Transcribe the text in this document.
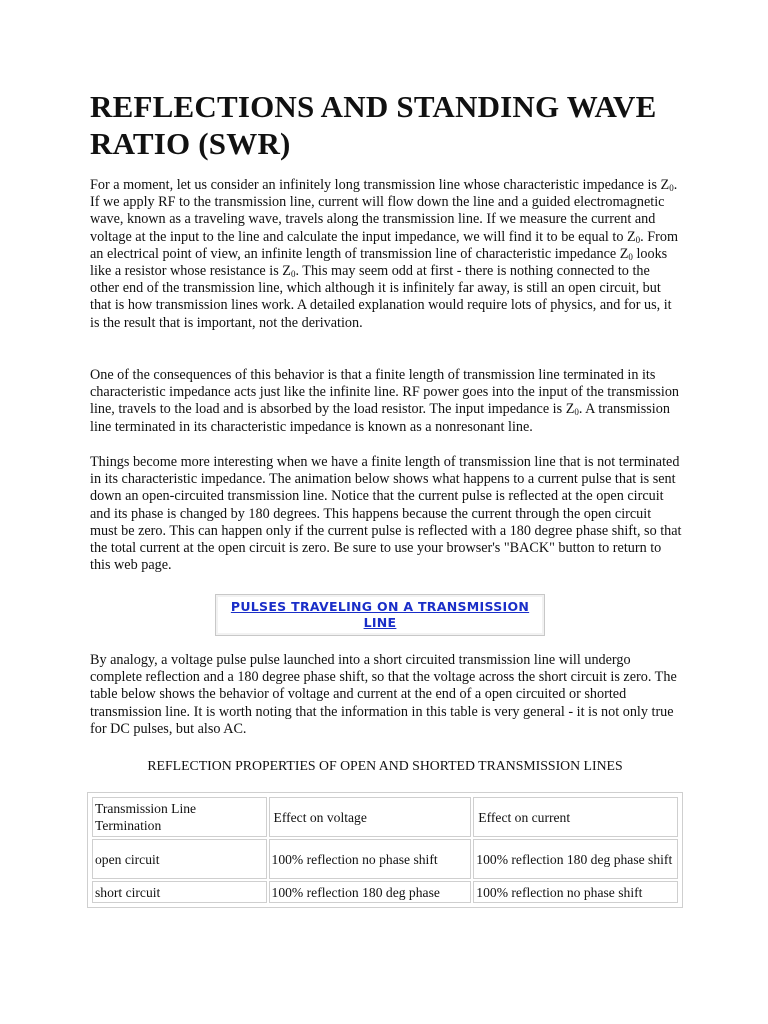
REFLECTIONS AND STANDING WAVE RATIO (SWR)

For a moment, let us consider an infinitely long transmission line whose characteristic impedance is $Z_0$. If we apply RF to the transmission line, current will flow down the line and a guided electromagnetic wave, known as a traveling wave, travels along the transmission line. If we measure the current and voltage at the input to the line and calculate the input impedance, we will find it to be equal to $Z_0$. From an electrical point of view, an infinite length of transmission line of characteristic impedance $Z_0$ looks like a resistor whose resistance is $Z_0$. This may seem odd at first - there is nothing connected to the other end of the transmission line, which although it is infinitely far away, is still an open circuit, but that is how transmission lines work. A detailed explanation would require lots of physics, and for us, it is the result that is important, not the derivation.

One of the consequences of this behavior is that a finite length of transmission line terminated in its characteristic impedance acts just like the infinite line. RF power goes into the input of the transmission line, travels to the load and is absorbed by the load resistor. The input impedance is $Z_0$. A transmission line terminated in its characteristic impedance is known as a nonresonant line.

Things become more interesting when we have a finite length of transmission line that is not terminated in its characteristic impedance. The animation below shows what happens to a current pulse that is sent down an open-circuited transmission line. Notice that the current pulse is reflected at the open circuit and its phase is changed by 180 degrees. This happens because the current through the open circuit must be zero. This can happen only if the current pulse is reflected with a 180 degree phase shift, so that the total current at the open circuit is zero. Be sure to use your browser's "BACK" button to return to this web page.

PULSES TRAVELING ON A TRANSMISSION LINE

By analogy, a voltage pulse pulse launched into a short circuited transmission line will undergo complete reflection and a 180 degree phase shift, so that the voltage across the short circuit is zero. The table below shows the behavior of voltage and current at the end of a open circuited or shorted transmission line. It is worth noting that the information in this table is very general - it is not only true for DC pulses, but also AC.

REFLECTION PROPERTIES OF OPEN AND SHORTED TRANSMISSION LINES
Transmission Line Termination	Effect on voltage	Effect on current
open circuit	100% reflection no phase shift	100% reflection 180 deg phase shift
short circuit	100% reflection 180 deg phase	100% reflection no phase shift
